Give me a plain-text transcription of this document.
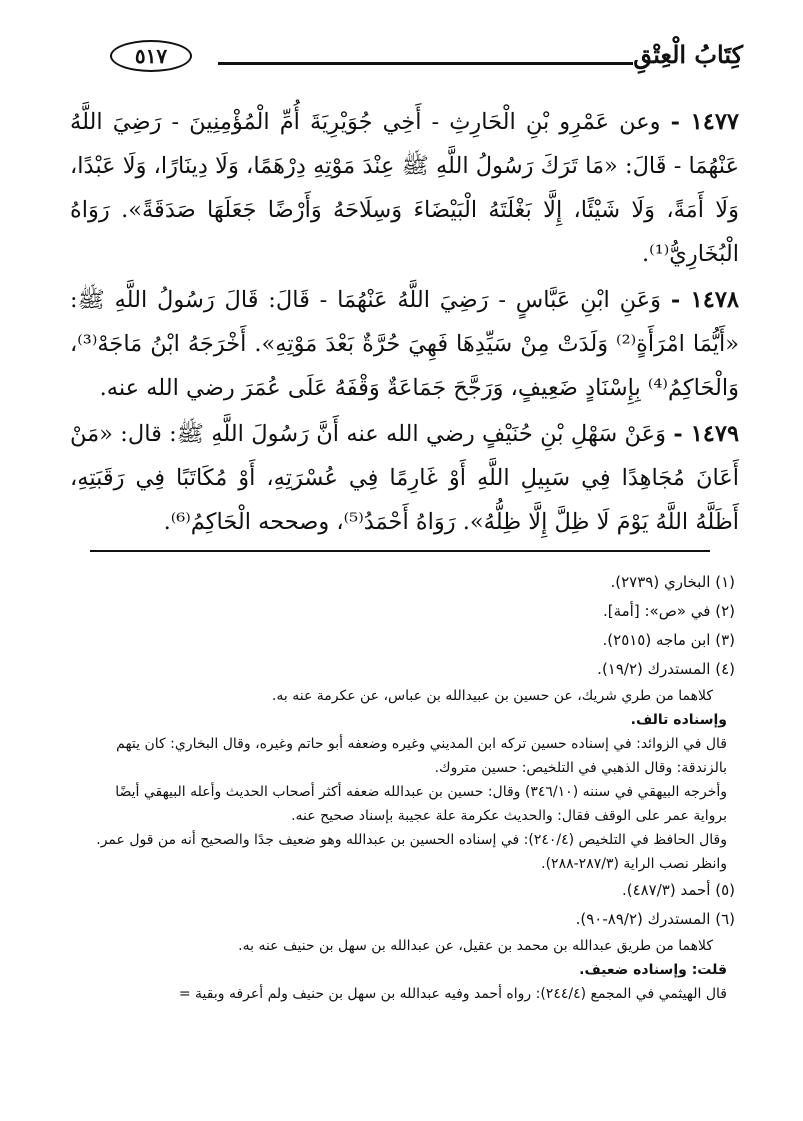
٥١٧	كِتَابُ الْعِتْقِ

١٤٧٧ - وعن عَمْرِو بْنِ الْحَارِثِ - أَخِي جُوَيْرِيَةَ أُمِّ الْمُؤْمِنِينَ - رَضِيَ اللَّهُ عَنْهُمَا - قَالَ: «مَا تَرَكَ رَسُولُ اللَّهِ ﷺ عِنْدَ مَوْتِهِ دِرْهَمًا، وَلَا دِينَارًا، وَلَا عَبْدًا، وَلَا أَمَةً، وَلَا شَيْئًا، إِلَّا بَغْلَتَهُ الْبَيْضَاءَ وَسِلَاحَهُ وَأَرْضًا جَعَلَهَا صَدَقَةً». رَوَاهُ الْبُخَارِيُّ⁽¹⁾.

١٤٧٨ - وَعَنِ ابْنِ عَبَّاسٍ - رَضِيَ اللَّهُ عَنْهُمَا - قَالَ: قَالَ رَسُولُ اللَّهِ ﷺ: «أَيُّمَا امْرَأَةٍ⁽²⁾ وَلَدَتْ مِنْ سَيِّدِهَا فَهِيَ حُرَّةٌ بَعْدَ مَوْتِهِ». أَخْرَجَهُ ابْنُ مَاجَهْ⁽³⁾، وَالْحَاكِمُ⁽⁴⁾ بِإِسْنَادٍ ضَعِيفٍ، وَرَجَّحَ جَمَاعَةٌ وَقْفَهُ عَلَى عُمَرَ رضي الله عنه.

١٤٧٩ - وَعَنْ سَهْلِ بْنِ حُنَيْفٍ رضي الله عنه أَنَّ رَسُولَ اللَّهِ ﷺ: قال: «مَنْ أَعَانَ مُجَاهِدًا فِي سَبِيلِ اللَّهِ أَوْ غَارِمًا فِي عُسْرَتِهِ، أَوْ مُكَاتَبًا فِي رَقَبَتِهِ، أَظَلَّهُ اللَّهُ يَوْمَ لَا ظِلَّ إِلَّا ظِلُّهُ». رَوَاهُ أَحْمَدُ⁽⁵⁾، وصححه الْحَاكِمُ⁽⁶⁾.

(١) البخاري (٢٧٣٩).

(٢) في «ص»: [أمة].

(٣) ابن ماجه (٢٥١٥).

(٤) المستدرك (١٩/٢).

كلاهما من طري شريك، عن حسين بن عبيدالله بن عباس، عن عكرمة عنه به.

وإسناده تالف.

قال في الزوائد: في إسناده حسين تركه ابن المديني وغيره وضعفه أبو حاتم وغيره، وقال البخاري: كان يتهم بالزندقة: وقال الذهبي في التلخيص: حسين متروك.

وأخرجه البيهقي في سننه (٣٤٦/١٠) وقال: حسين بن عبدالله ضعفه أكثر أصحاب الحديث وأعله البيهقي أيضًا برواية عمر على الوقف فقال: والحديث عكرمة علة عجيبة بإسناد صحيح عنه.

وقال الحافظ في التلخيص (٢٤٠/٤): في إسناده الحسين بن عبدالله وهو ضعيف جدًا والصحيح أنه من قول عمر. وانظر نصب الراية (٢٨٧/٣-٢٨٨).

(٥) أحمد (٤٨٧/٣).

(٦) المستدرك (٨٩/٢-٩٠).

كلاهما من طريق عبدالله بن محمد بن عقيل، عن عبدالله بن سهل بن حنيف عنه به.

قلت: وإسناده ضعيف.

قال الهيثمي في المجمع (٢٤٤/٤): رواه أحمد وفيه عبدالله بن سهل بن حنيف ولم أعرفه وبقية =
